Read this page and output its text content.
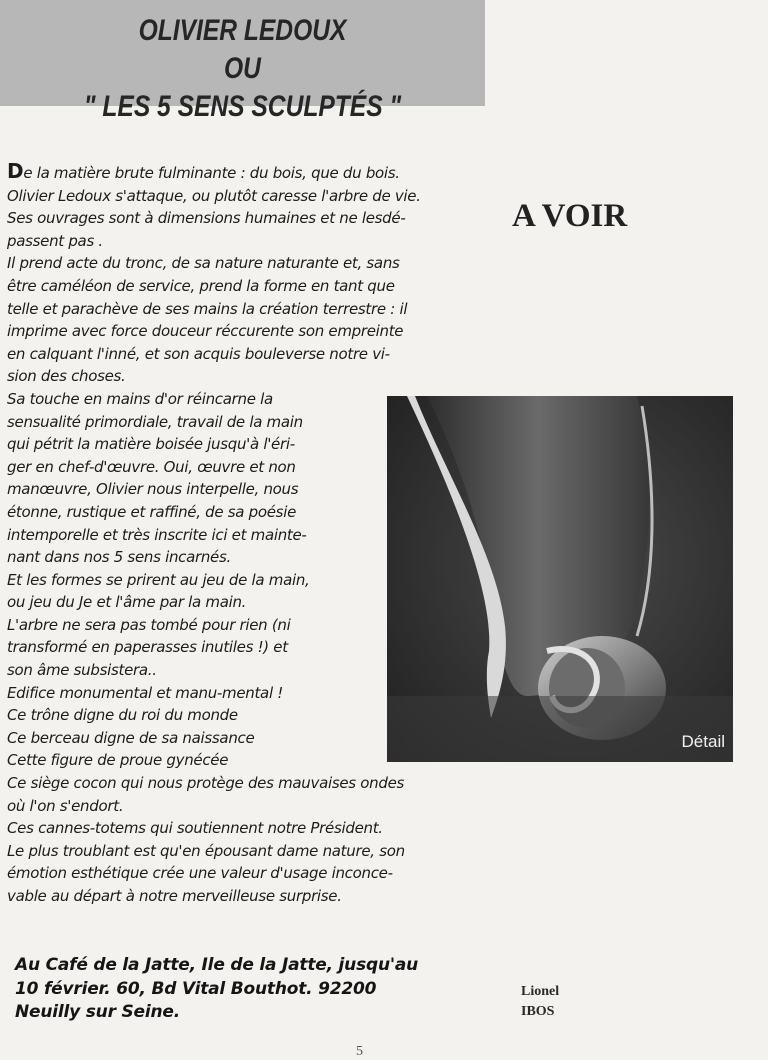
OLIVIER LEDOUX
OU
" LES 5 SENS SCULPTÉS "
A VOIR
Détail
De la matière brute fulminante : du bois, que du bois.
Olivier Ledoux s'attaque, ou plutôt caresse l'arbre de vie.
Ses ouvrages sont à dimensions humaines et ne lesdé-
passent pas .
Il prend acte du tronc, de sa nature naturante et, sans
être caméléon de service, prend la forme en tant que
telle et parachève de ses mains la création terrestre : il
imprime avec force douceur réccurente son empreinte
en calquant l'inné, et son acquis bouleverse notre vi-
sion des choses.
Sa touche en mains d'or réincarne la
sensualité primordiale, travail de la main
qui pétrit la matière boisée jusqu'à l'éri-
ger en chef-d'œuvre. Oui, œuvre et non
manœuvre, Olivier nous interpelle, nous
étonne, rustique et raffiné, de sa poésie
intemporelle et très inscrite ici et mainte-
nant dans nos 5 sens incarnés.
Et les formes se prirent au jeu de la main,
ou jeu du Je et l'âme par la main.
L'arbre ne sera pas tombé pour rien (ni
transformé en paperasses inutiles !) et
son âme subsistera..
Edifice monumental et manu-mental !
Ce trône digne du roi du monde
Ce berceau digne de sa naissance
Cette figure de proue gynécée
Ce siège cocon qui nous protège des mauvaises ondes
où l'on s'endort.
Ces cannes-totems qui soutiennent notre Président.
Le plus troublant est qu'en épousant dame nature, son
émotion esthétique crée une valeur d'usage inconce-
vable au départ à notre merveilleuse surprise.
Au Café de la Jatte, Ile de la Jatte, jusqu'au
10 février. 60, Bd Vital Bouthot. 92200
Neuilly sur Seine.
Lionel
IBOS
5
